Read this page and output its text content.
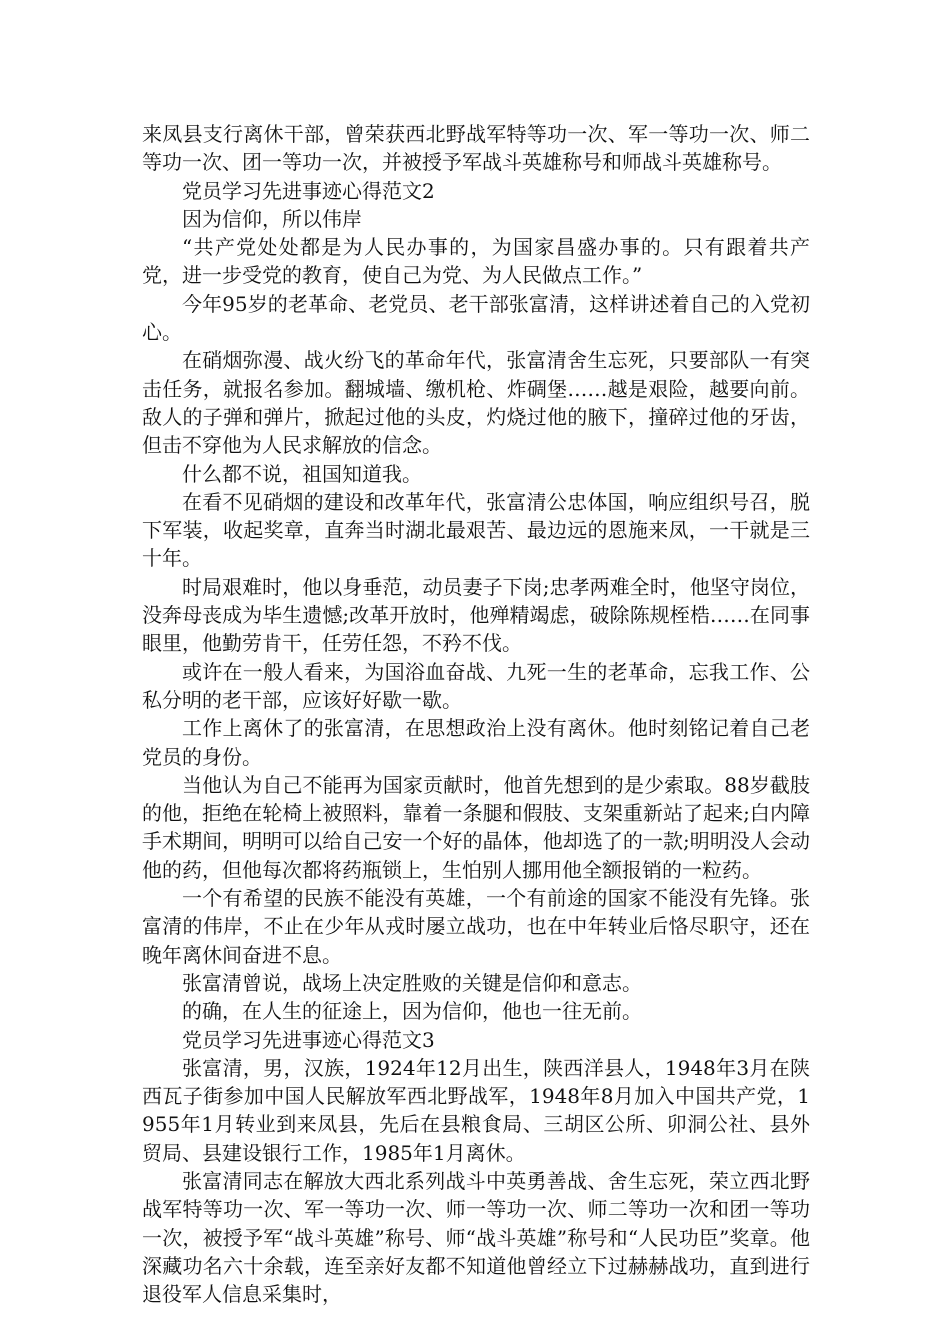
来凤县支行离休干部，曾荣获西北野战军特等功一次、军一等功一次、师二等功一次、团一等功一次，并被授予军战斗英雄称号和师战斗英雄称号。

党员学习先进事迹心得范文2

因为信仰，所以伟岸

“共产党处处都是为人民办事的，为国家昌盛办事的。只有跟着共产党，进一步受党的教育，使自己为党、为人民做点工作。”

今年95岁的老革命、老党员、老干部张富清，这样讲述着自己的入党初心。

在硝烟弥漫、战火纷飞的革命年代，张富清舍生忘死，只要部队一有突击任务，就报名参加。翻城墙、缴机枪、炸碉堡……越是艰险，越要向前。敌人的子弹和弹片，掀起过他的头皮，灼烧过他的腋下，撞碎过他的牙齿，但击不穿他为人民求解放的信念。

什么都不说，祖国知道我。

在看不见硝烟的建设和改革年代，张富清公忠体国，响应组织号召，脱下军装，收起奖章，直奔当时湖北最艰苦、最边远的恩施来凤，一干就是三十年。

时局艰难时，他以身垂范，动员妻子下岗;忠孝两难全时，他坚守岗位，没奔母丧成为毕生遗憾;改革开放时，他殚精竭虑，破除陈规桎梏……在同事眼里，他勤劳肯干，任劳任怨，不矜不伐。

或许在一般人看来，为国浴血奋战、九死一生的老革命，忘我工作、公私分明的老干部，应该好好歇一歇。

工作上离休了的张富清，在思想政治上没有离休。他时刻铭记着自己老党员的身份。

当他认为自己不能再为国家贡献时，他首先想到的是少索取。88岁截肢的他，拒绝在轮椅上被照料，靠着一条腿和假肢、支架重新站了起来;白内障手术期间，明明可以给自己安一个好的晶体，他却选了的一款;明明没人会动他的药，但他每次都将药瓶锁上，生怕别人挪用他全额报销的一粒药。

一个有希望的民族不能没有英雄，一个有前途的国家不能没有先锋。张富清的伟岸，不止在少年从戎时屡立战功，也在中年转业后恪尽职守，还在晚年离休间奋进不息。

张富清曾说，战场上决定胜败的关键是信仰和意志。

的确，在人生的征途上，因为信仰，他也一往无前。

党员学习先进事迹心得范文3

张富清，男，汉族，1924年12月出生，陕西洋县人，1948年3月在陕西瓦子街参加中国人民解放军西北野战军，1948年8月加入中国共产党，1955年1月转业到来凤县，先后在县粮食局、三胡区公所、卯洞公社、县外贸局、县建设银行工作，1985年1月离休。

张富清同志在解放大西北系列战斗中英勇善战、舍生忘死，荣立西北野战军特等功一次、军一等功一次、师一等功一次、师二等功一次和团一等功一次，被授予军“战斗英雄”称号、师“战斗英雄”称号和“人民功臣”奖章。他深藏功名六十余载，连至亲好友都不知道他曾经立下过赫赫战功，直到进行退役军人信息采集时，
